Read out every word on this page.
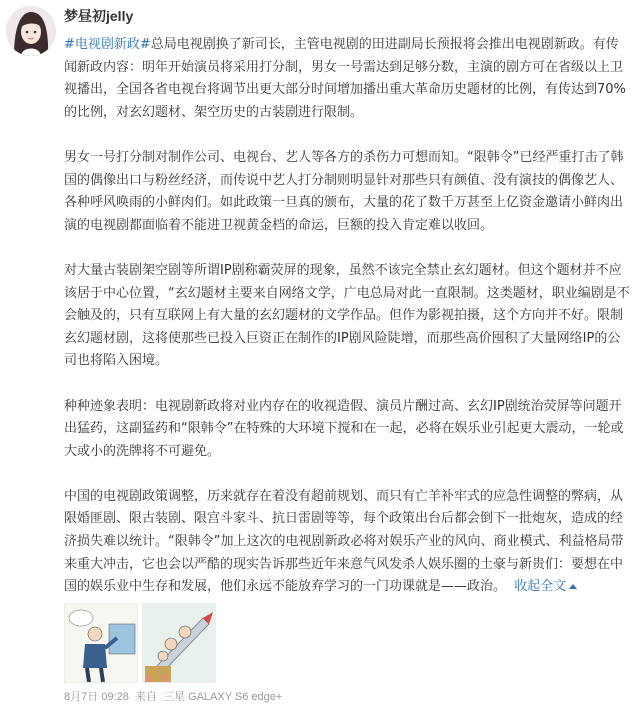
梦昼初jelly

#电视剧新政#总局电视剧换了新司长，主管电视剧的田进副局长预报将会推出电视剧新政。有传闻新政内容：明年开始演员将采用打分制，男女一号需达到足够分数，主演的剧方可在省级以上卫视播出，全国各省电视台将调节出更大部分时间增加播出重大革命历史题材的比例，有传达到70%的比例，对玄幻题材、架空历史的古装剧进行限制。

男女一号打分制对制作公司、电视台、艺人等各方的杀伤力可想而知。“限韩令”已经严重打击了韩国的偶像出口与粉丝经济，而传说中艺人打分制则明显针对那些只有颜值、没有演技的偶像艺人、各种呼风唤雨的小鲜肉们。如此政策一旦真的颁布，大量的花了数千万甚至上亿资金邀请小鲜肉出演的电视剧都面临着不能进卫视黄金档的命运，巨额的投入肯定难以收回。

对大量古装剧架空剧等所谓IP剧称霸荧屏的现象，虽然不该完全禁止玄幻题材。但这个题材并不应该居于中心位置，“玄幻题材主要来自网络文学，广电总局对此一直限制。这类题材，职业编剧是不会触及的，只有互联网上有大量的玄幻题材的文学作品。但作为影视拍摄，这个方向并不好。限制玄幻题材剧，这将使那些已投入巨资正在制作的IP剧风险陡增，而那些高价囤积了大量网络IP的公司也将陷入困境。

种种迹象表明：电视剧新政将对业内存在的收视造假、演员片酬过高、玄幻IP剧统治荧屏等问题开出猛药，这副猛药和“限韩令”在特殊的大环境下搅和在一起，必将在娱乐业引起更大震动，一轮或大或小的洗牌将不可避免。

中国的电视剧政策调整，历来就存在着没有超前规划、而只有亡羊补牢式的应急性调整的弊病，从限婚匪剧、限古装剧、限宫斗家斗、抗日雷剧等等，每个政策出台后都会倒下一批炮灰，造成的经济损失难以统计。“限韩令”加上这次的电视剧新政必将对娱乐产业的风向、商业模式、利益格局带来重大冲击，它也会以严酷的现实告诉那些近年来意气风发杀人娱乐圈的土豪与新贵们：要想在中国的娱乐业中生存和发展，他们永远不能放弃学习的一门功课就是——政治。 收起全文

8月7日 09:28 来自 三星 GALAXY S6 edge+
